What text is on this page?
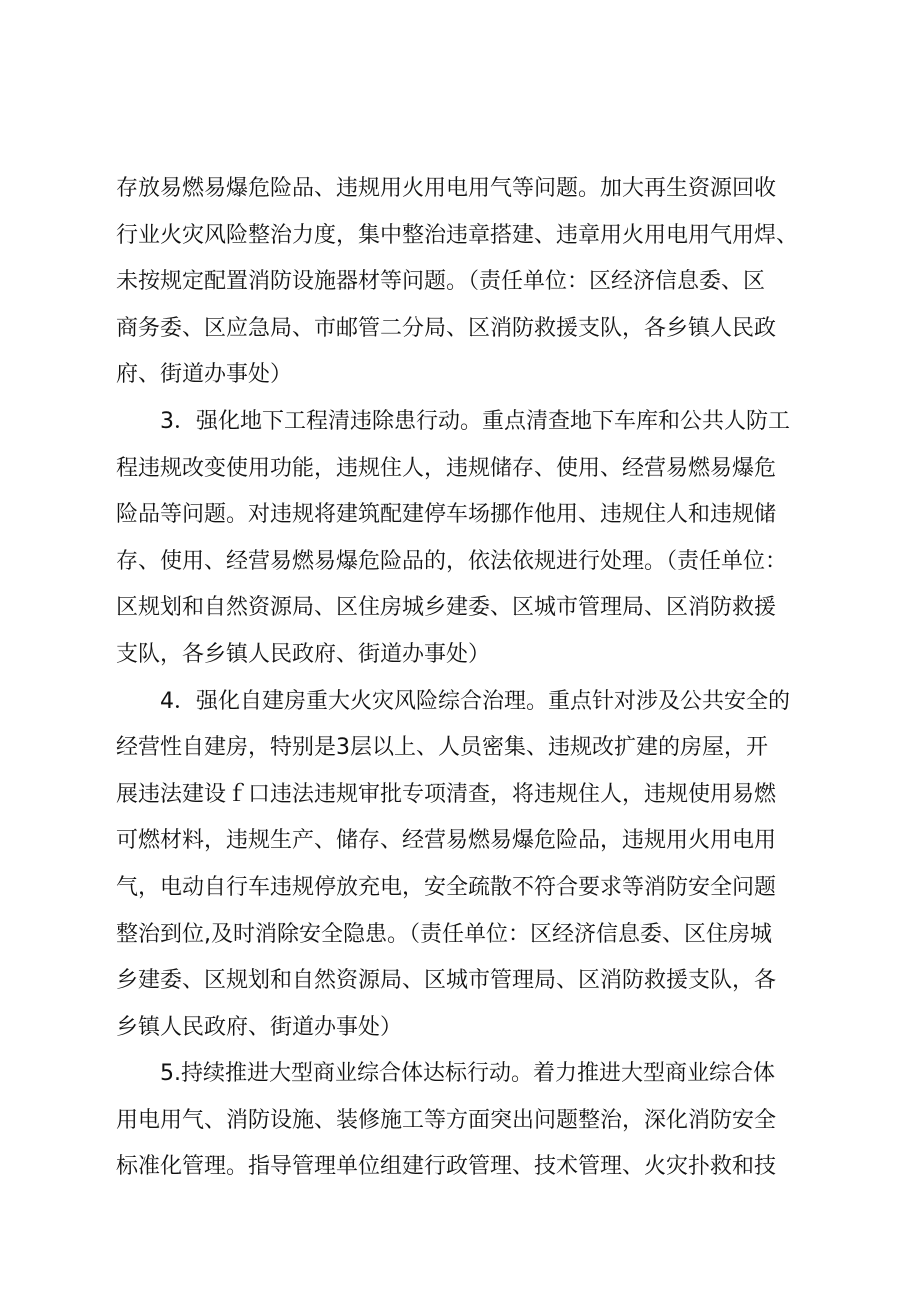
存放易燃易爆危险品、违规用火用电用气等问题。加大再生资源回收
行业火灾风险整治力度，集中整治违章搭建、违章用火用电用气用焊、
未按规定配置消防设施器材等问题。（责任单位：区经济信息委、区
商务委、区应急局、市邮管二分局、区消防救援支队，各乡镇人民政
府、街道办事处）
3．强化地下工程清违除患行动。重点清查地下车库和公共人防工
程违规改变使用功能，违规住人，违规储存、使用、经营易燃易爆危
险品等问题。对违规将建筑配建停车场挪作他用、违规住人和违规储
存、使用、经营易燃易爆危险品的，依法依规进行处理。（责任单位：
区规划和自然资源局、区住房城乡建委、区城市管理局、区消防救援
支队，各乡镇人民政府、街道办事处）
4．强化自建房重大火灾风险综合治理。重点针对涉及公共安全的
经营性自建房，特别是3层以上、人员密集、违规改扩建的房屋，开
展违法建设ｆ口违法违规审批专项清查，将违规住人，违规使用易燃
可燃材料，违规生产、储存、经营易燃易爆危险品，违规用火用电用
气，电动自行车违规停放充电，安全疏散不符合要求等消防安全问题
整治到位,及时消除安全隐患。（责任单位：区经济信息委、区住房城
乡建委、区规划和自然资源局、区城市管理局、区消防救援支队，各
乡镇人民政府、街道办事处）
5.持续推进大型商业综合体达标行动。着力推进大型商业综合体
用电用气、消防设施、装修施工等方面突出问题整治，深化消防安全
标准化管理。指导管理单位组建行政管理、技术管理、火灾扑救和技
